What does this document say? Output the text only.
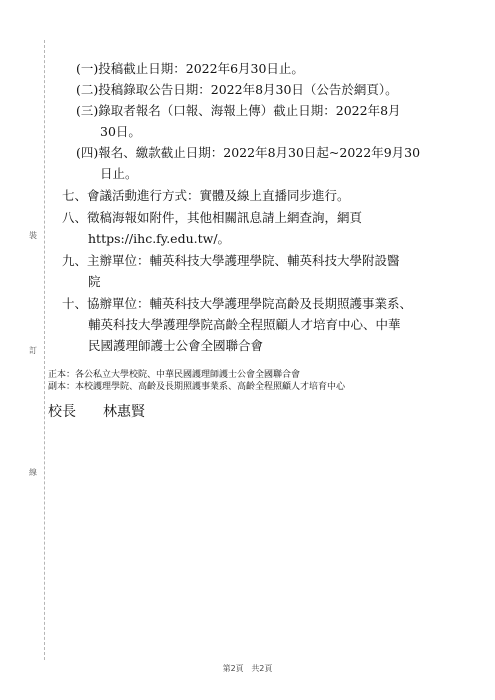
裝
訂
線
(一)投稿截止日期：2022年6月30日止。
(二)投稿錄取公告日期：2022年8月30日（公告於網頁）。
(三)錄取者報名（口報、海報上傳）截止日期：2022年8月
30日。
(四)報名、繳款截止日期：2022年8月30日起~2022年9月30
日止。
七、會議活動進行方式：實體及線上直播同步進行。
八、徵稿海報如附件，其他相關訊息請上網查詢，網頁
https://ihc.fy.edu.tw/。
九、主辦單位：輔英科技大學護理學院、輔英科技大學附設醫
院
十、協辦單位：輔英科技大學護理學院高齡及長期照護事業系、
輔英科技大學護理學院高齡全程照顧人才培育中心、中華
民國護理師護士公會全國聯合會
正本：各公私立大學校院、中華民國護理師護士公會全國聯合會
副本：本校護理學院、高齡及長期照護事業系、高齡全程照顧人才培育中心
校長 林惠賢
第2頁 共2頁
